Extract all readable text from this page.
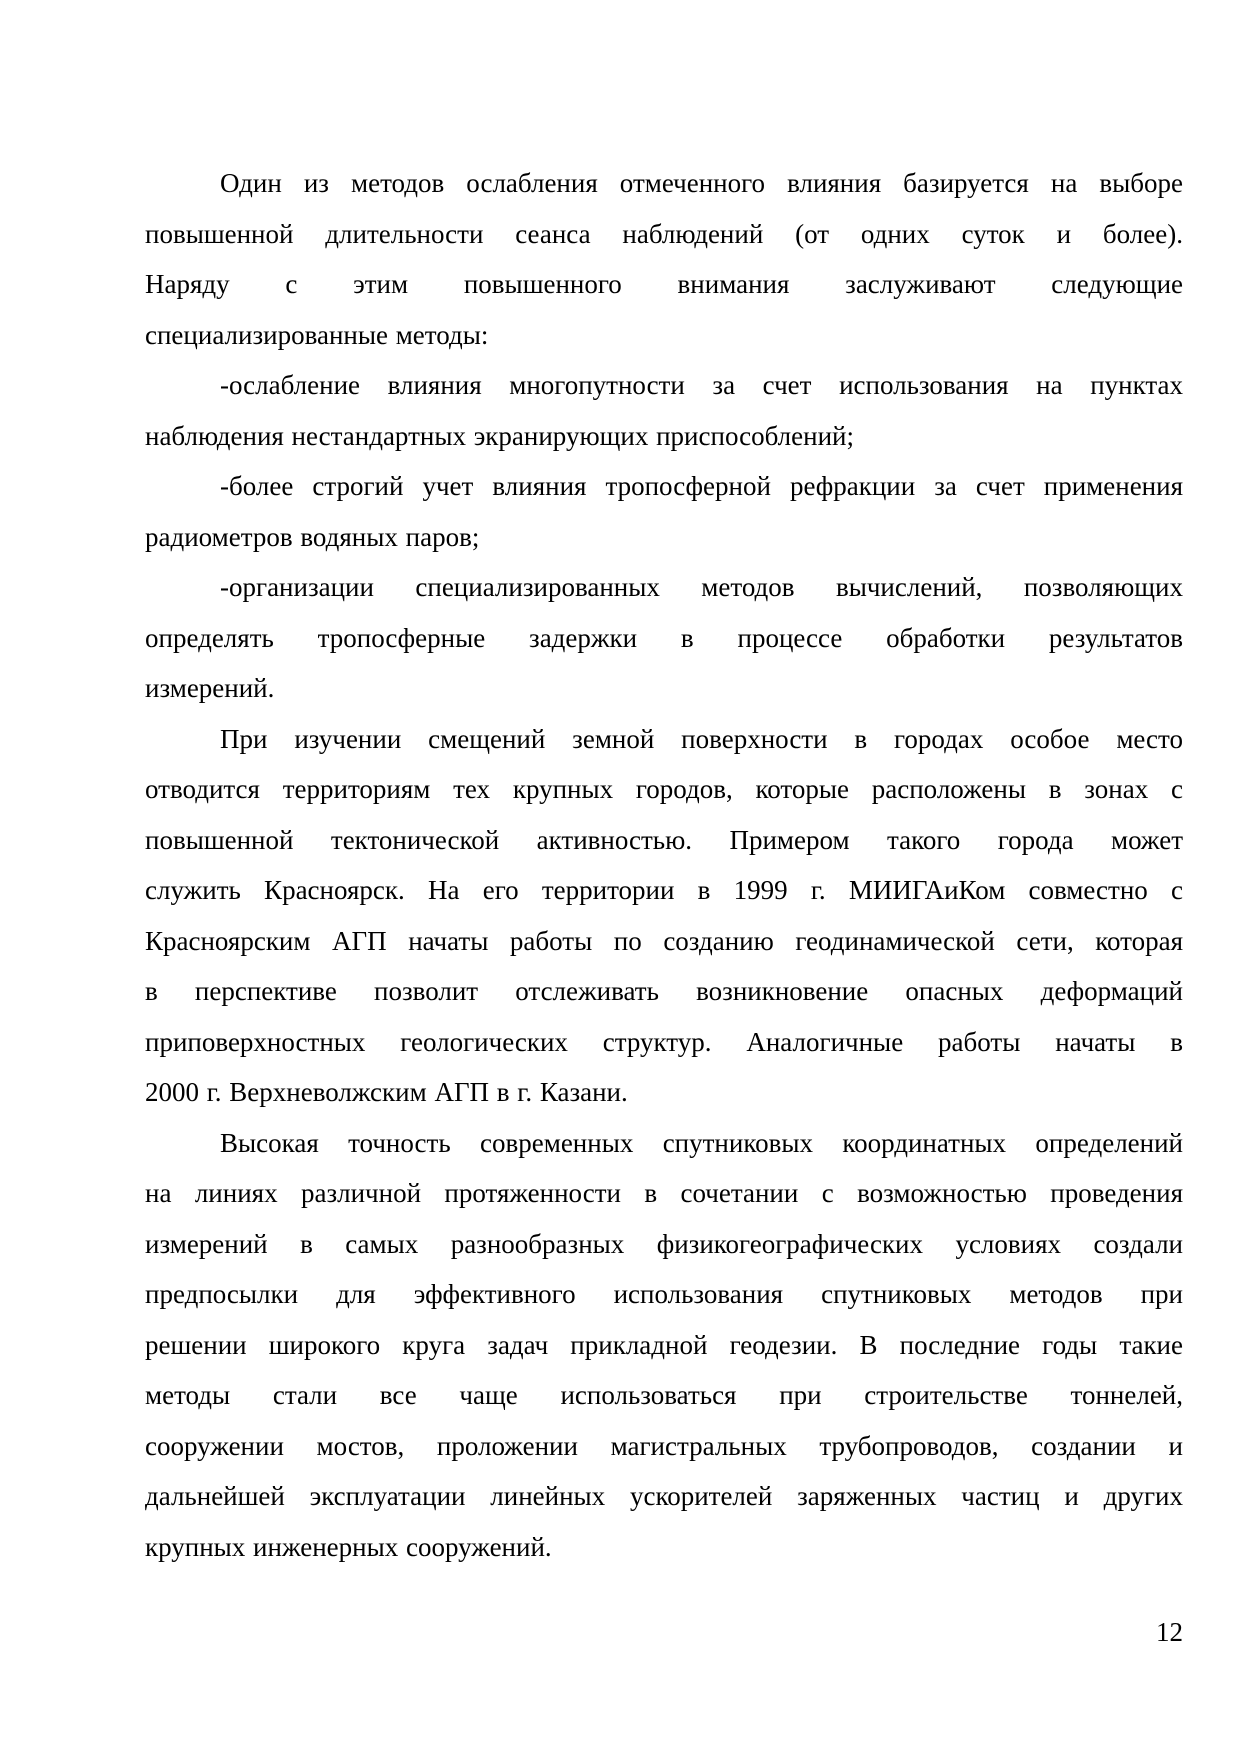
Один из методов ослабления отмеченного влияния базируется на выборе
повышенной длительности сеанса наблюдений (от одних суток и более).
Наряду с этим повышенного внимания заслуживают следующие
специализированные методы:
-ослабление влияния многопутности за счет использования на пунктах
наблюдения нестандартных экранирующих приспособлений;
-более строгий учет влияния тропосферной рефракции за счет применения
радиометров водяных паров;
-организации специализированных методов вычислений, позволяющих
определять тропосферные задержки в процессе обработки результатов
измерений.
При изучении смещений земной поверхности в городах особое место
отводится территориям тех крупных городов, которые расположены в зонах с
повышенной тектонической активностью. Примером такого города может
служить Красноярск. На его территории в 1999 г. МИИГАиКом совместно с
Красноярским АГП начаты работы по созданию геодинамической сети, которая
в перспективе позволит отслеживать возникновение опасных деформаций
приповерхностных геологических структур. Аналогичные работы начаты в
2000 г. Верхневолжским АГП в г. Казани.
Высокая точность современных спутниковых координатных определений
на линиях различной протяженности в сочетании с возможностью проведения
измерений в самых разнообразных физикогеографических условиях создали
предпосылки для эффективного использования спутниковых методов при
решении широкого круга задач прикладной геодезии. В последние годы такие
методы стали все чаще использоваться при строительстве тоннелей,
сооружении мостов, проложении магистральных трубопроводов, создании и
дальнейшей эксплуатации линейных ускорителей заряженных частиц и других
крупных инженерных сооружений.
12
